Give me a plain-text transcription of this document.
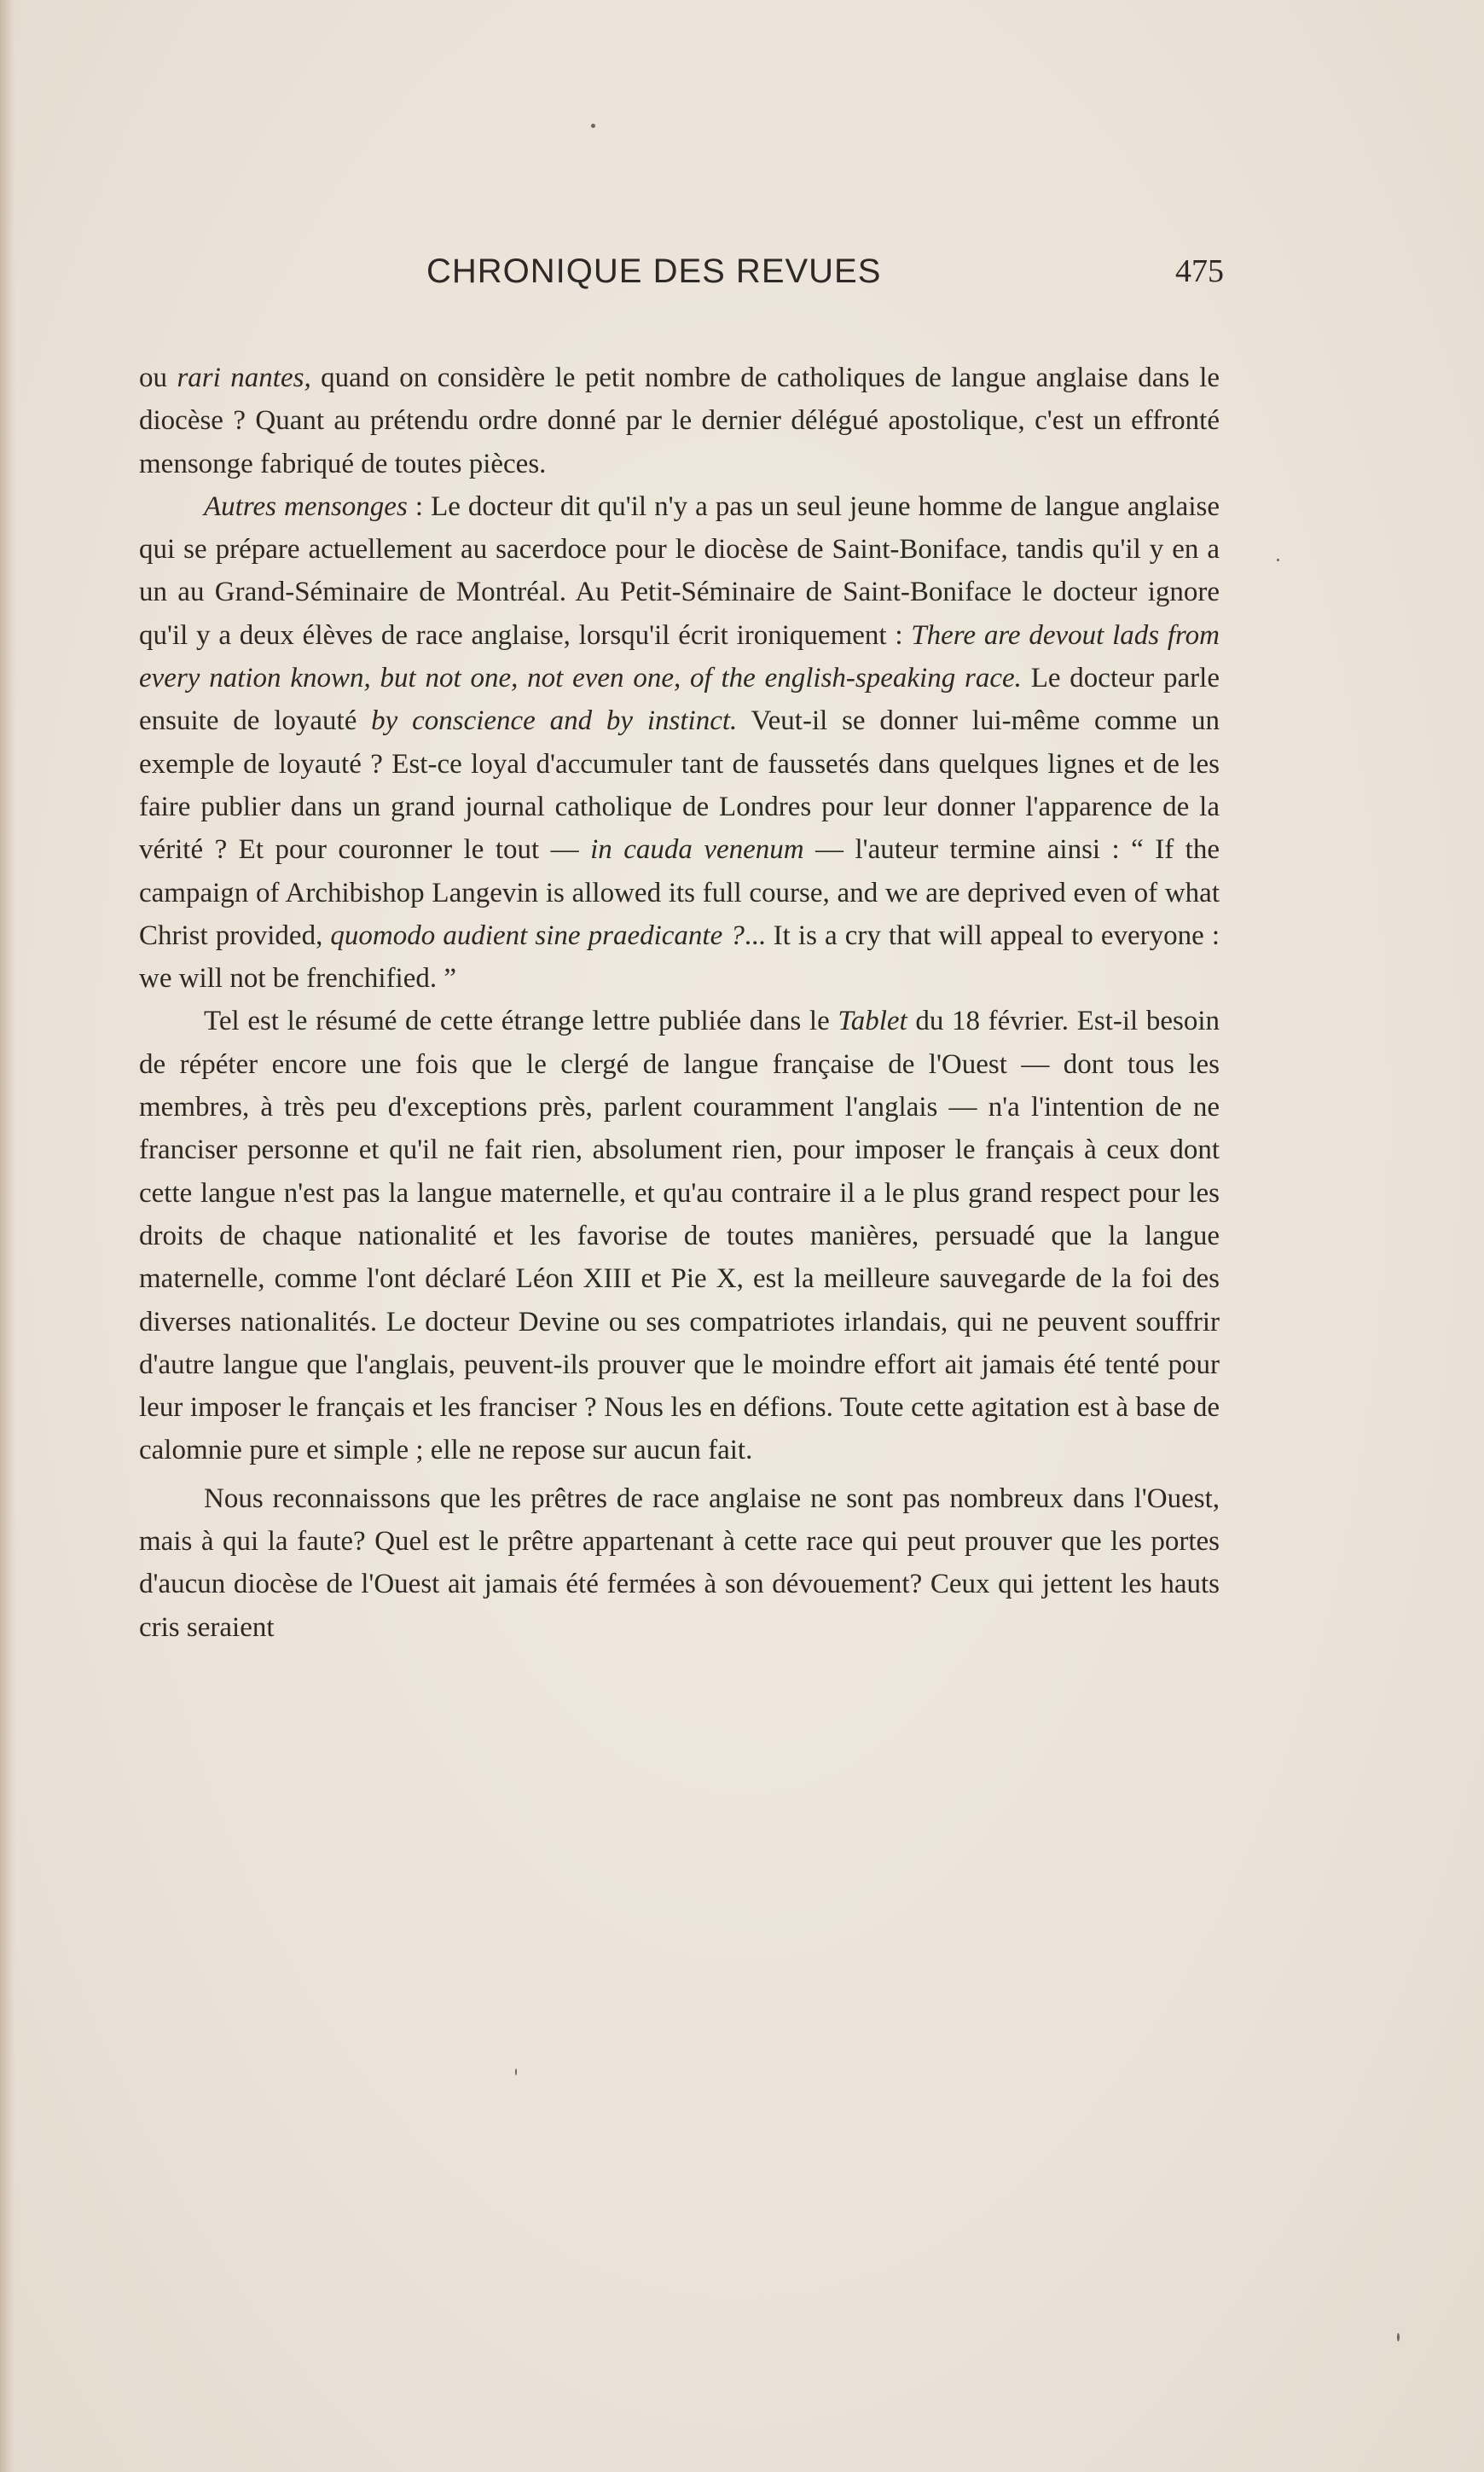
CHRONIQUE DES REVUES	475

ou rari nantes, quand on considère le petit nombre de catholiques de langue anglaise dans le diocèse ? Quant au prétendu ordre donné par le dernier délégué apostolique, c'est un effronté mensonge fabriqué de toutes pièces.

Autres mensonges : Le docteur dit qu'il n'y a pas un seul jeune homme de langue anglaise qui se prépare actuellement au sacerdoce pour le diocèse de Saint-Boniface, tandis qu'il y en a un au Grand-Séminaire de Montréal. Au Petit-Séminaire de Saint-Boniface le docteur ignore qu'il y a deux élèves de race anglaise, lorsqu'il écrit ironiquement : There are devout lads from every nation known, but not one, not even one, of the english-speaking race. Le docteur parle ensuite de loyauté by conscience and by instinct. Veut-il se donner lui-même comme un exemple de loyauté ? Est-ce loyal d'accumuler tant de faussetés dans quelques lignes et de les faire publier dans un grand journal catholique de Londres pour leur donner l'apparence de la vérité ? Et pour couronner le tout — in cauda venenum — l'auteur termine ainsi : “ If the campaign of Archibishop Langevin is allowed its full course, and we are deprived even of what Christ provided, quomodo audient sine praedicante ?... It is a cry that will appeal to everyone : we will not be frenchified. ”

Tel est le résumé de cette étrange lettre publiée dans le Tablet du 18 février. Est-il besoin de répéter encore une fois que le clergé de langue française de l'Ouest — dont tous les membres, à très peu d'exceptions près, parlent couramment l'anglais — n'a l'intention de ne franciser personne et qu'il ne fait rien, absolument rien, pour imposer le français à ceux dont cette langue n'est pas la langue maternelle, et qu'au contraire il a le plus grand respect pour les droits de chaque nationalité et les favorise de toutes manières, persuadé que la langue maternelle, comme l'ont déclaré Léon XIII et Pie X, est la meilleure sauvegarde de la foi des diverses nationalités. Le docteur Devine ou ses compatriotes irlandais, qui ne peuvent souffrir d'autre langue que l'anglais, peuvent-ils prouver que le moindre effort ait jamais été tenté pour leur imposer le français et les franciser ? Nous les en défions. Toute cette agitation est à base de calomnie pure et simple ; elle ne repose sur aucun fait.

Nous reconnaissons que les prêtres de race anglaise ne sont pas nombreux dans l'Ouest, mais à qui la faute? Quel est le prêtre appartenant à cette race qui peut prouver que les portes d'aucun diocèse de l'Ouest ait jamais été fermées à son dévouement? Ceux qui jettent les hauts cris seraient
